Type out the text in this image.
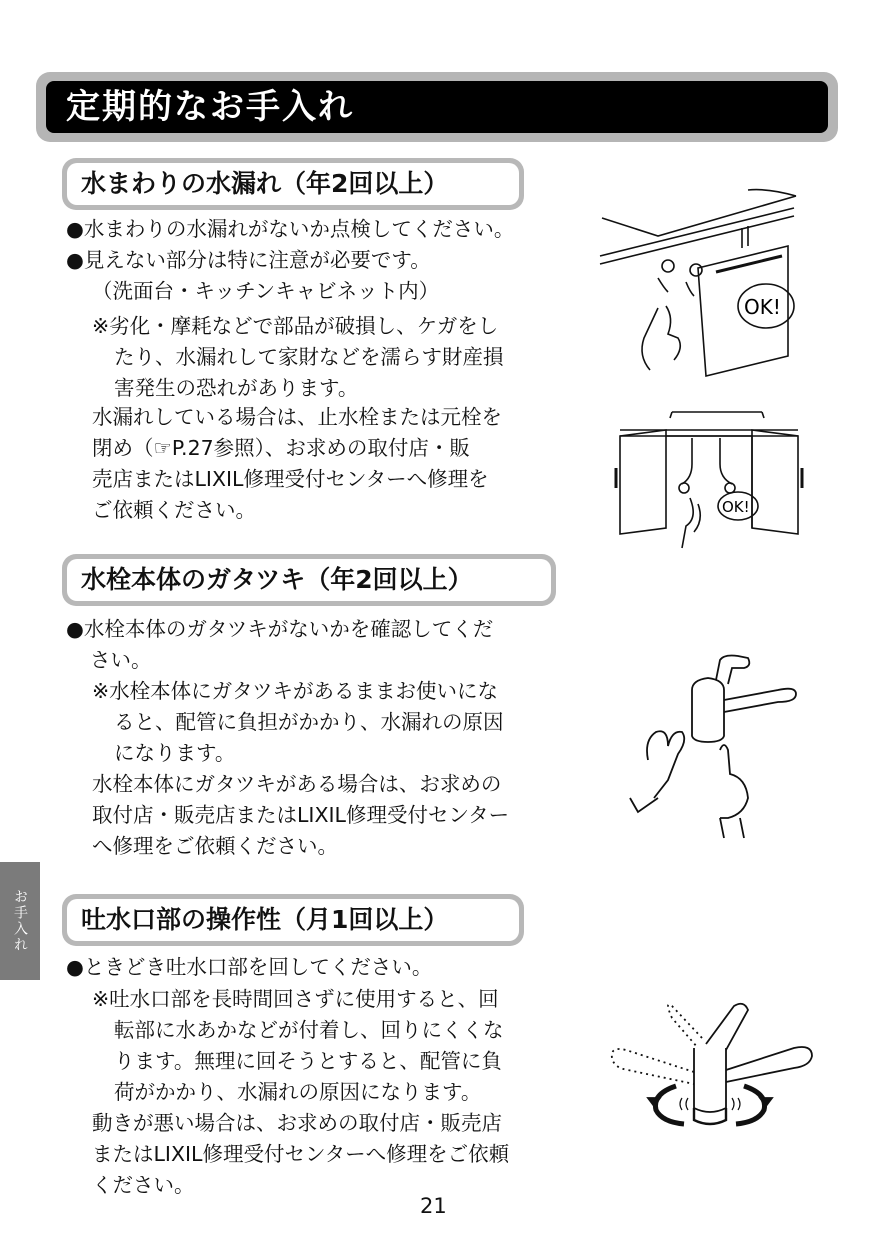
定期的なお手入れ
水まわりの水漏れ（年2回以上）
●水まわりの水漏れがないか点検してください。
●見えない部分は特に注意が必要です。
（洗面台・キッチンキャビネット内）
※劣化・摩耗などで部品が破損し、ケガをし
たり、水漏れして家財などを濡らす財産損
害発生の恐れがあります。
水漏れしている場合は、止水栓または元栓を
閉め（☞P.27参照）、お求めの取付店・販
売店またはLIXIL修理受付センターへ修理を
ご依頼ください。
水栓本体のガタツキ（年2回以上）
●水栓本体のガタツキがないかを確認してくだ
さい。
※水栓本体にガタツキがあるままお使いにな
ると、配管に負担がかかり、水漏れの原因
になります。
水栓本体にガタツキがある場合は、お求めの
取付店・販売店またはLIXIL修理受付センター
へ修理をご依頼ください。
お手入れ	吐水口部の操作性（月1回以上）
●ときどき吐水口部を回してください。
※吐水口部を長時間回さずに使用すると、回
転部に水あかなどが付着し、回りにくくな
ります。無理に回そうとすると、配管に負
荷がかかり、水漏れの原因になります。
動きが悪い場合は、お求めの取付店・販売店
またはLIXIL修理受付センターへ修理をご依頼
ください。
21
OK!
OK!
